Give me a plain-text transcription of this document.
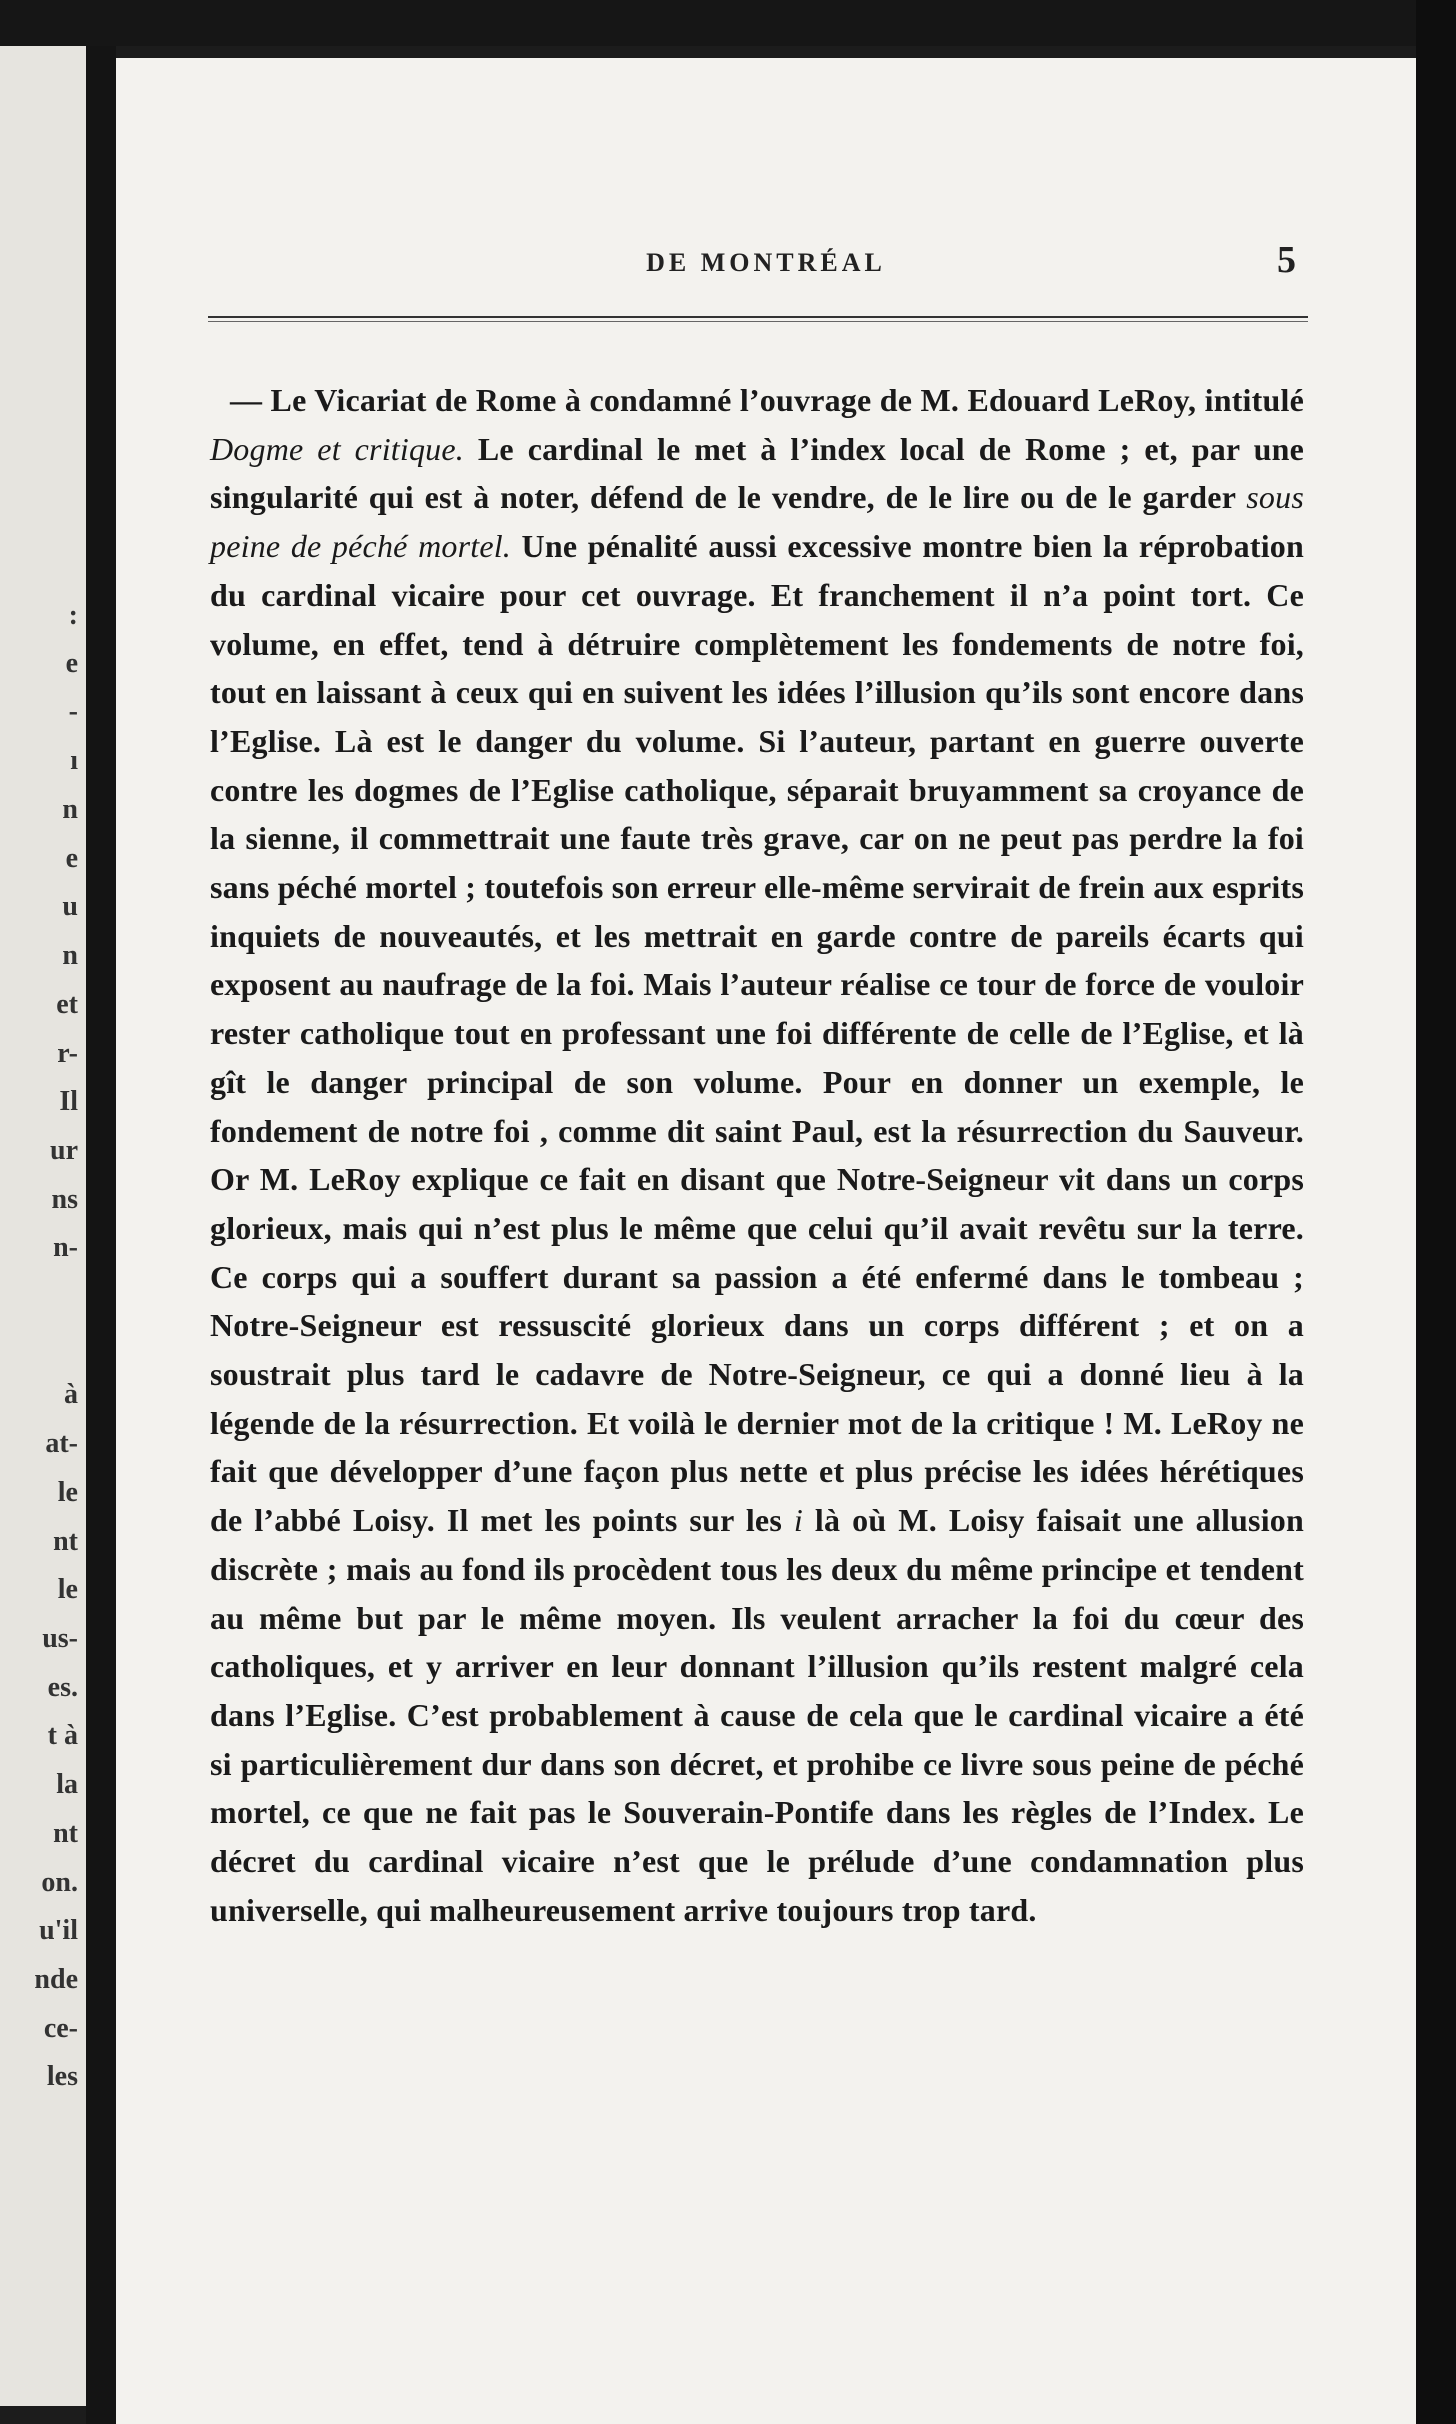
:
e
-
ı
n
e
u
n
et
r-
Il
ur
ns
n-
à
at-
le
nt
le
us-
es.
t à
la
nt
on.
u'il
nde
ce-
les
DE MONTRÉAL	5

— Le Vicariat de Rome à condamné l’ouvrage de M. Edouard LeRoy, intitulé Dogme et critique. Le cardinal le met à l’index local de Rome ; et, par une singularité qui est à noter, défend de le vendre, de le lire ou de le garder sous peine de péché mortel. Une pénalité aussi excessive montre bien la réprobation du cardinal vicaire pour cet ouvrage. Et franchement il n’a point tort. Ce volume, en effet, tend à détruire complètement les fondements de notre foi, tout en laissant à ceux qui en suivent les idées l’illusion qu’ils sont encore dans l’Eglise. Là est le danger du volume. Si l’auteur, partant en guerre ouverte contre les dogmes de l’Eglise catholique, séparait bruyamment sa croyance de la sienne, il commettrait une faute très grave, car on ne peut pas perdre la foi sans péché mortel ; toutefois son erreur elle-même servirait de frein aux esprits inquiets de nouveautés, et les mettrait en garde contre de pareils écarts qui exposent au naufrage de la foi. Mais l’auteur réalise ce tour de force de vouloir rester catholique tout en professant une foi différente de celle de l’Eglise, et là gît le danger principal de son volume. Pour en donner un exemple, le fondement de notre foi , comme dit saint Paul, est la résurrection du Sauveur. Or M. LeRoy explique ce fait en disant que Notre-Seigneur vit dans un corps glorieux, mais qui n’est plus le même que celui qu’il avait revêtu sur la terre. Ce corps qui a souffert durant sa passion a été enfermé dans le tombeau ; Notre-Seigneur est ressuscité glorieux dans un corps différent ; et on a soustrait plus tard le cadavre de Notre-Seigneur, ce qui a donné lieu à la légende de la résurrection. Et voilà le dernier mot de la critique ! M. LeRoy ne fait que développer d’une façon plus nette et plus précise les idées hérétiques de l’abbé Loisy. Il met les points sur les i là où M. Loisy faisait une allusion discrète ; mais au fond ils procèdent tous les deux du même principe et tendent au même but par le même moyen. Ils veulent arracher la foi du cœur des catholiques, et y arriver en leur donnant l’illusion qu’ils restent malgré cela dans l’Eglise. C’est probablement à cause de cela que le cardinal vicaire a été si particulièrement dur dans son décret, et prohibe ce livre sous peine de péché mortel, ce que ne fait pas le Souverain-Pontife dans les règles de l’Index. Le décret du cardinal vicaire n’est que le prélude d’une condamnation plus universelle, qui malheureusement arrive toujours trop tard.
